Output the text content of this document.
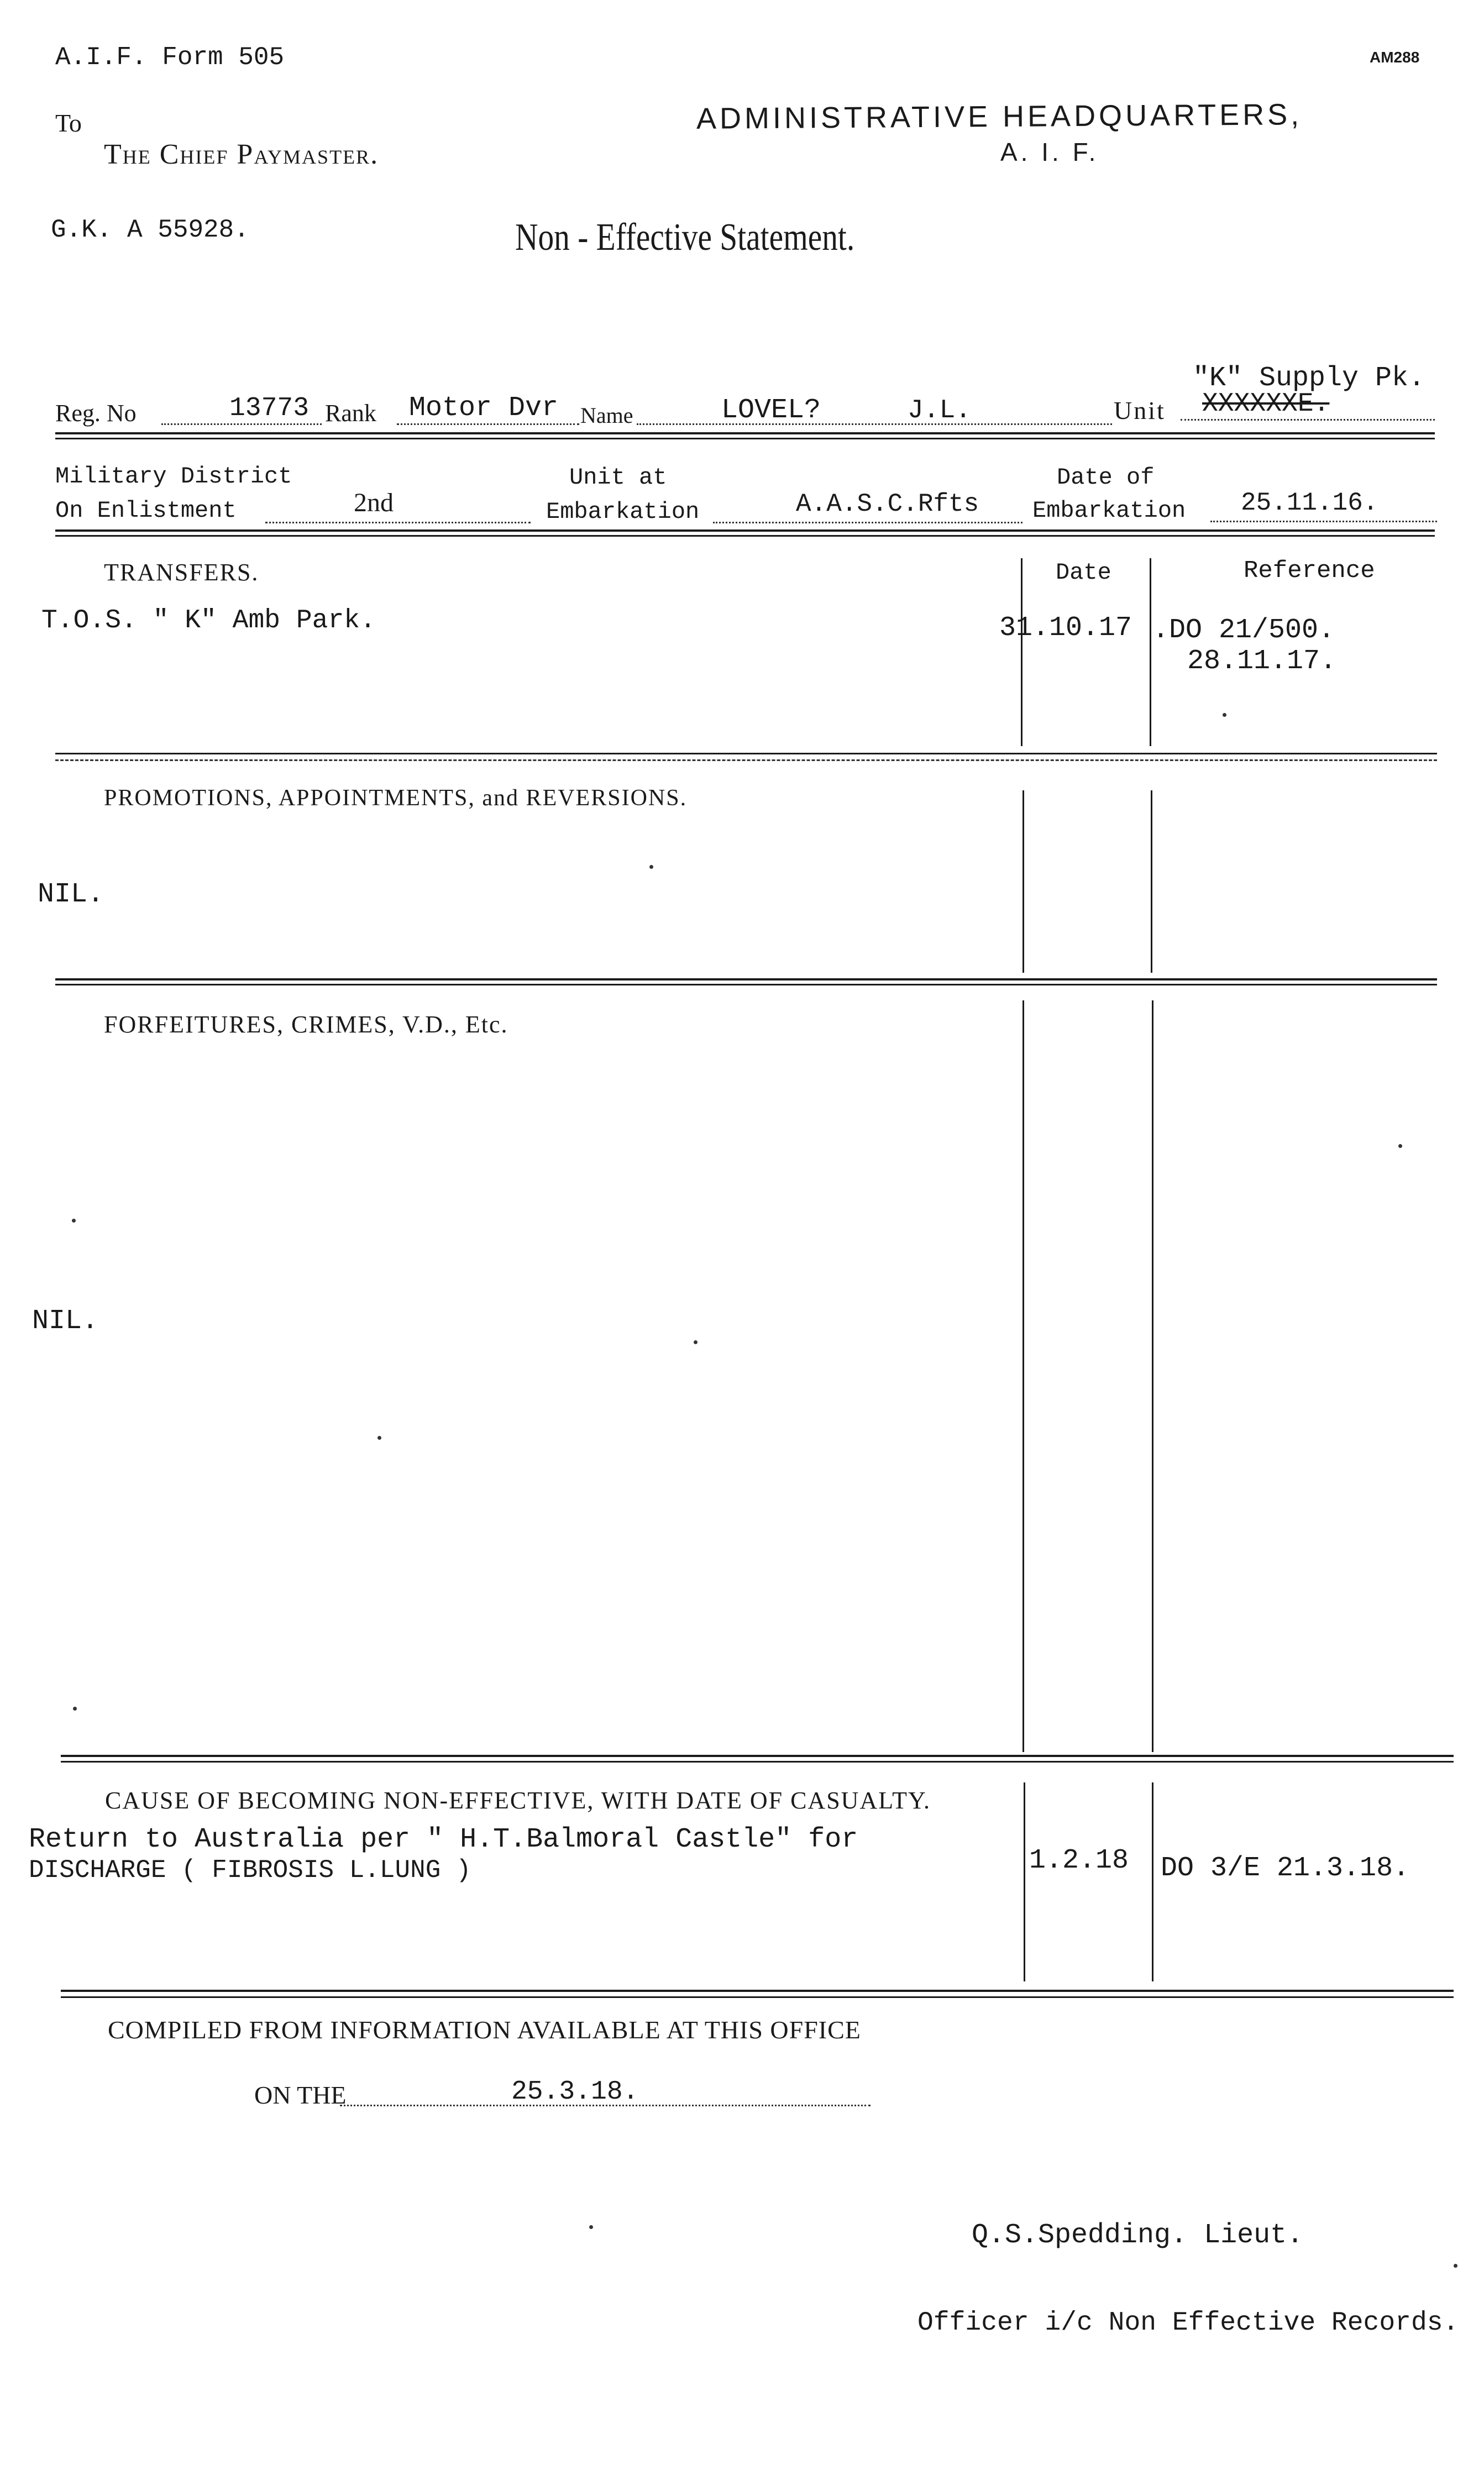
A.I.F. Form 505	AM288
To
The Chief Paymaster.
ADMINISTRATIVE HEADQUARTERS,
A. I. F.
G.K. A 55928.	Non - Effective Statement.
"K" Supply Pk.
Reg. No	13773 Rank Motor Dvr Name	LOVEL?	J.L.	Unit XXXXXXE.
Military District
On Enlistment	2nd
Unit at
Embarkation	A.A.S.C.Rfts
Date of
Embarkation 25.11.16.
TRANSFERS.	Date	Reference
T.O.S. " K" Amb Park.	31.10.17 .DO 21/500.
28.11.17.
PROMOTIONS, APPOINTMENTS, and REVERSIONS.
NIL.
FORFEITURES, CRIMES, V.D., Etc.
NIL.
CAUSE OF BECOMING NON-EFFECTIVE, WITH DATE OF CASUALTY.
Return to Australia per " H.T.Balmoral Castle" for
DISCHARGE ( FIBROSIS L.LUNG )	1.2.18 DO 3/E 21.3.18.
COMPILED FROM INFORMATION AVAILABLE AT THIS OFFICE
ON THE	25.3.18.
Q.S.Spedding. Lieut.
Officer i/c Non Effective Records.
